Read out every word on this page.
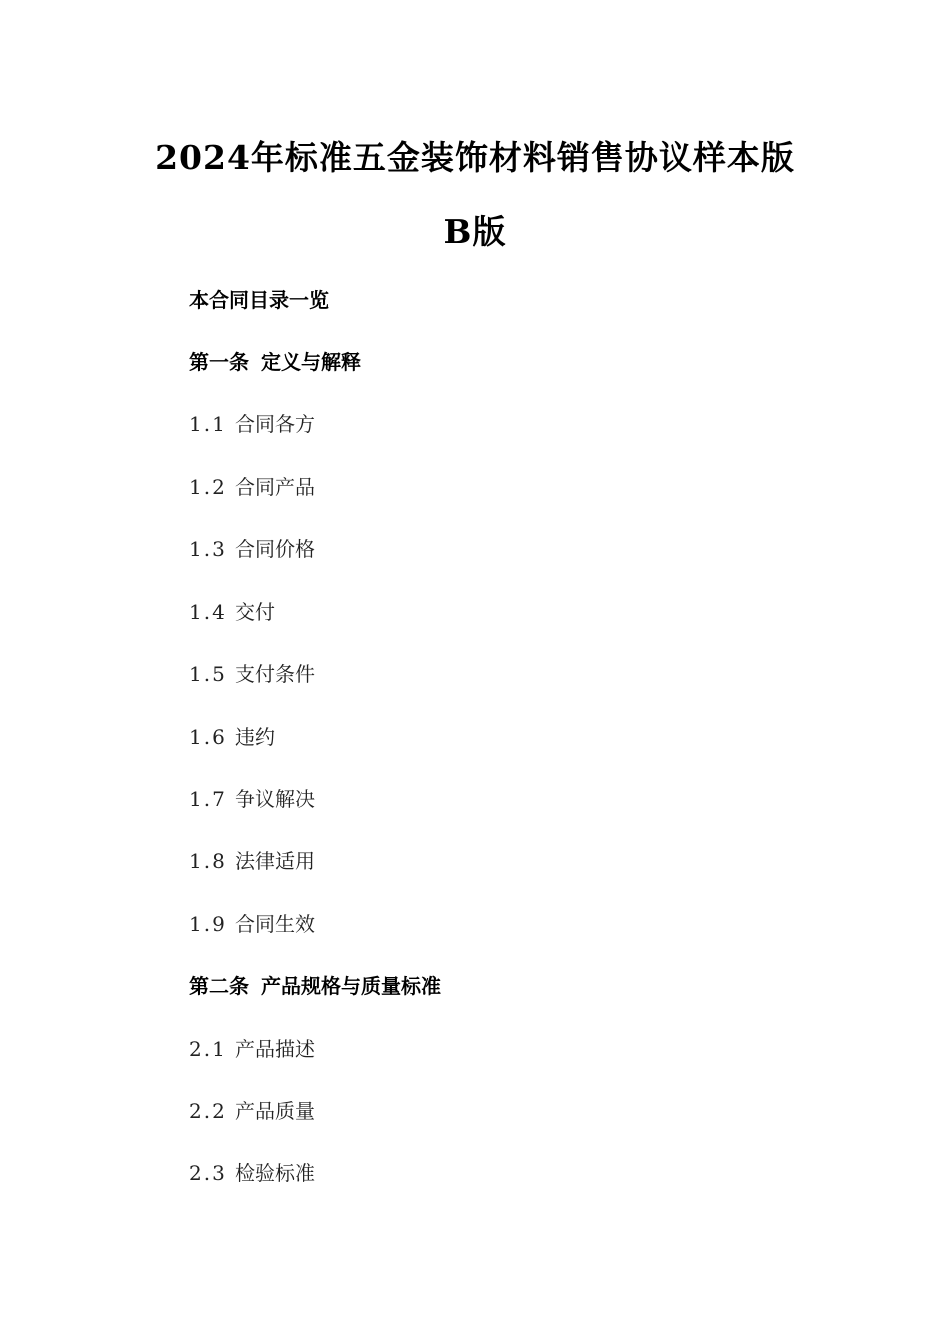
2024年标准五金装饰材料销售协议样本版
B版
本合同目录一览
第一条 定义与解释
1.1 合同各方
1.2 合同产品
1.3 合同价格
1.4 交付
1.5 支付条件
1.6 违约
1.7 争议解决
1.8 法律适用
1.9 合同生效
第二条 产品规格与质量标准
2.1 产品描述
2.2 产品质量
2.3 检验标准
